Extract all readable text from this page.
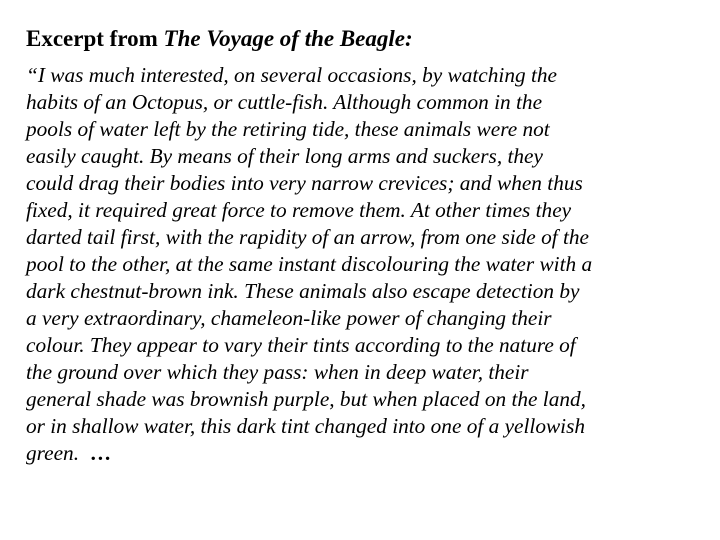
Excerpt from The Voyage of the Beagle:
“I was much interested, on several occasions, by watching the
habits of an Octopus, or cuttle-fish. Although common in the
pools of water left by the retiring tide, these animals were not
easily caught. By means of their long arms and suckers, they
could drag their bodies into very narrow crevices; and when thus
fixed, it required great force to remove them. At other times they
darted tail first, with the rapidity of an arrow, from one side of the
pool to the other, at the same instant discolouring the water with a
dark chestnut-brown ink. These animals also escape detection by
a very extraordinary, chameleon-like power of changing their
colour. They appear to vary their tints according to the nature of
the ground over which they pass: when in deep water, their
general shade was brownish purple, but when placed on the land,
or in shallow water, this dark tint changed into one of a yellowish
green.  …
